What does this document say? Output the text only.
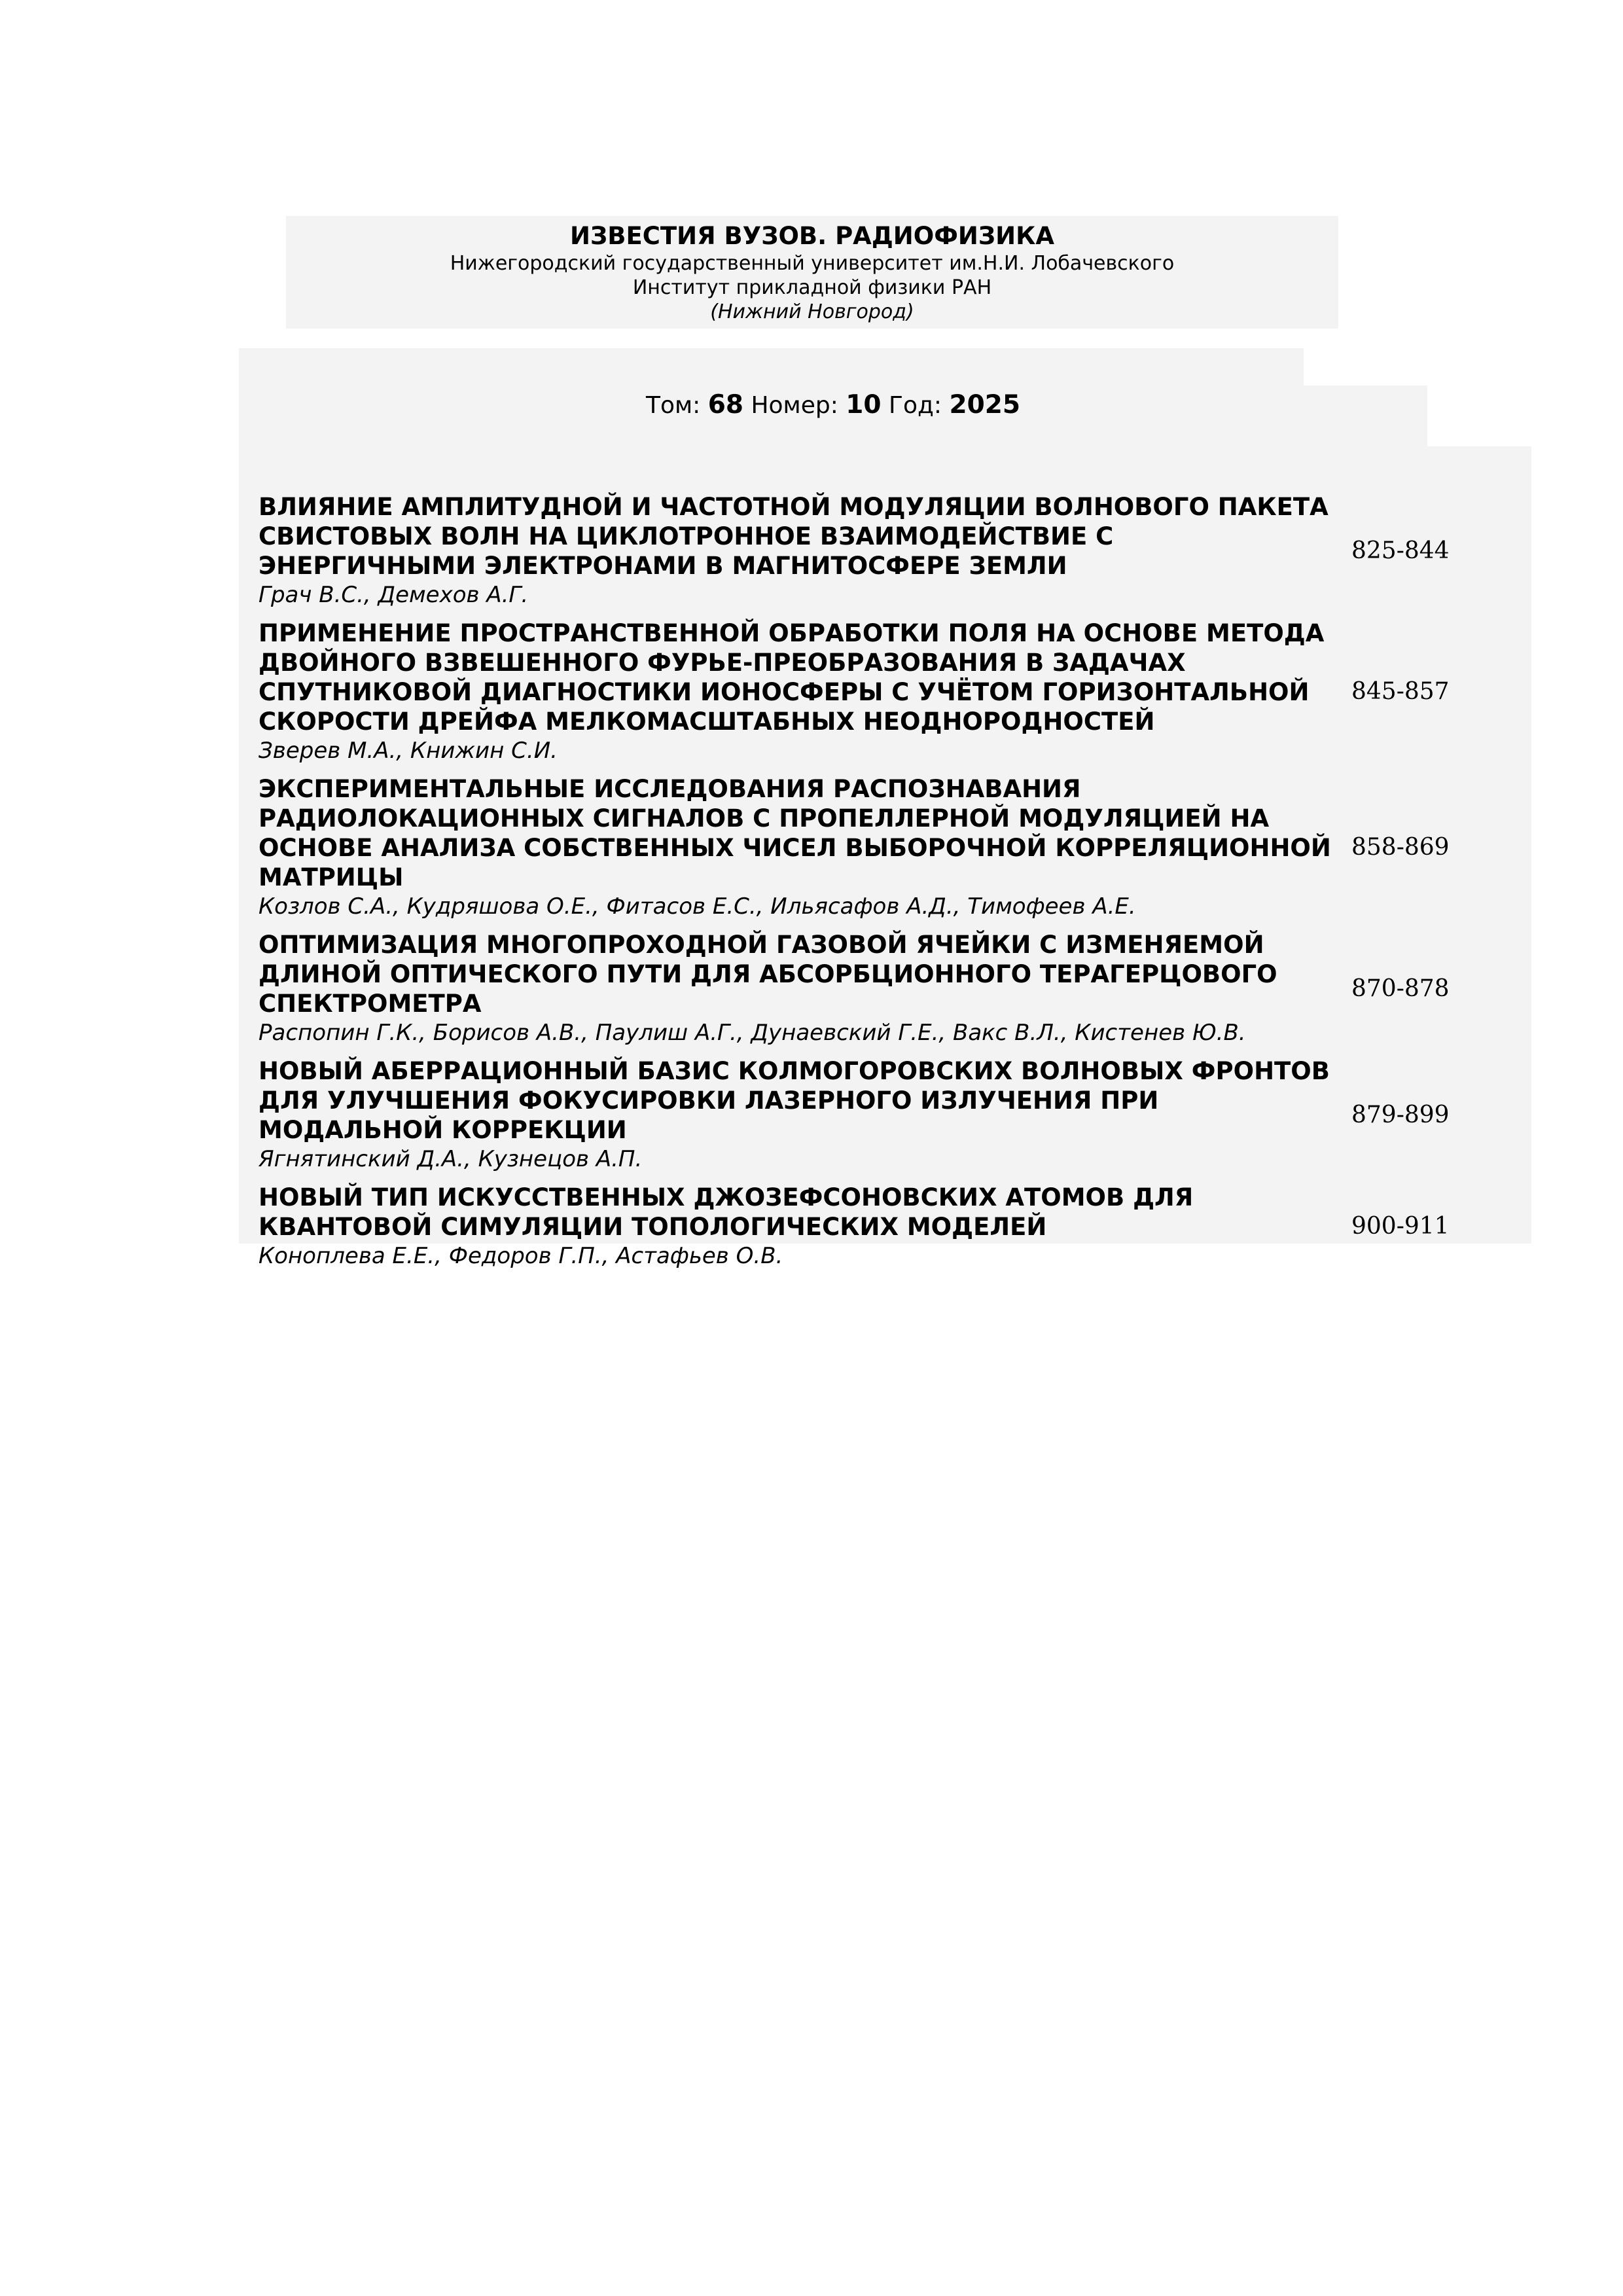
ИЗВЕСТИЯ ВУЗОВ. РАДИОФИЗИКА
Нижегородский государственный университет им.Н.И. Лобачевского
Институт прикладной физики РАН
(Нижний Новгород)
Том: 68 Номер: 10 Год: 2025
ВЛИЯНИЕ АМПЛИТУДНОЙ И ЧАСТОТНОЙ МОДУЛЯЦИИ ВОЛНОВОГО ПАКЕТА СВИСТОВЫХ ВОЛН НА ЦИКЛОТРОННОЕ ВЗАИМОДЕЙСТВИЕ С ЭНЕРГИЧНЫМИ ЭЛЕКТРОНАМИ В МАГНИТОСФЕРЕ ЗЕМЛИ
Грач В.С., Демехов А.Г.
825-844
ПРИМЕНЕНИЕ ПРОСТРАНСТВЕННОЙ ОБРАБОТКИ ПОЛЯ НА ОСНОВЕ МЕТОДА ДВОЙНОГО ВЗВЕШЕННОГО ФУРЬЕ-ПРЕОБРАЗОВАНИЯ В ЗАДАЧАХ СПУТНИКОВОЙ ДИАГНОСТИКИ ИОНОСФЕРЫ С УЧЁТОМ ГОРИЗОНТАЛЬНОЙ СКОРОСТИ ДРЕЙФА МЕЛКОМАСШТАБНЫХ НЕОДНОРОДНОСТЕЙ
Зверев М.А., Книжин С.И.
845-857
ЭКСПЕРИМЕНТАЛЬНЫЕ ИССЛЕДОВАНИЯ РАСПОЗНАВАНИЯ РАДИОЛОКАЦИОННЫХ СИГНАЛОВ С ПРОПЕЛЛЕРНОЙ МОДУЛЯЦИЕЙ НА ОСНОВЕ АНАЛИЗА СОБСТВЕННЫХ ЧИСЕЛ ВЫБОРОЧНОЙ КОРРЕЛЯЦИОННОЙ МАТРИЦЫ
Козлов С.А., Кудряшова О.Е., Фитасов Е.С., Ильясафов А.Д., Тимофеев А.Е.
858-869
ОПТИМИЗАЦИЯ МНОГОПРОХОДНОЙ ГАЗОВОЙ ЯЧЕЙКИ С ИЗМЕНЯЕМОЙ ДЛИНОЙ ОПТИЧЕСКОГО ПУТИ ДЛЯ АБСОРБЦИОННОГО ТЕРАГЕРЦОВОГО СПЕКТРОМЕТРА
Распопин Г.К., Борисов А.В., Паулиш А.Г., Дунаевский Г.Е., Вакс В.Л., Кистенев Ю.В.
870-878
НОВЫЙ АБЕРРАЦИОННЫЙ БАЗИС КОЛМОГОРОВСКИХ ВОЛНОВЫХ ФРОНТОВ ДЛЯ УЛУЧШЕНИЯ ФОКУСИРОВКИ ЛАЗЕРНОГО ИЗЛУЧЕНИЯ ПРИ МОДАЛЬНОЙ КОРРЕКЦИИ
Ягнятинский Д.А., Кузнецов А.П.
879-899
НОВЫЙ ТИП ИСКУССТВЕННЫХ ДЖОЗЕФСОНОВСКИХ АТОМОВ ДЛЯ КВАНТОВОЙ СИМУЛЯЦИИ ТОПОЛОГИЧЕСКИХ МОДЕЛЕЙ
Коноплева Е.Е., Федоров Г.П., Астафьев О.В.
900-911
